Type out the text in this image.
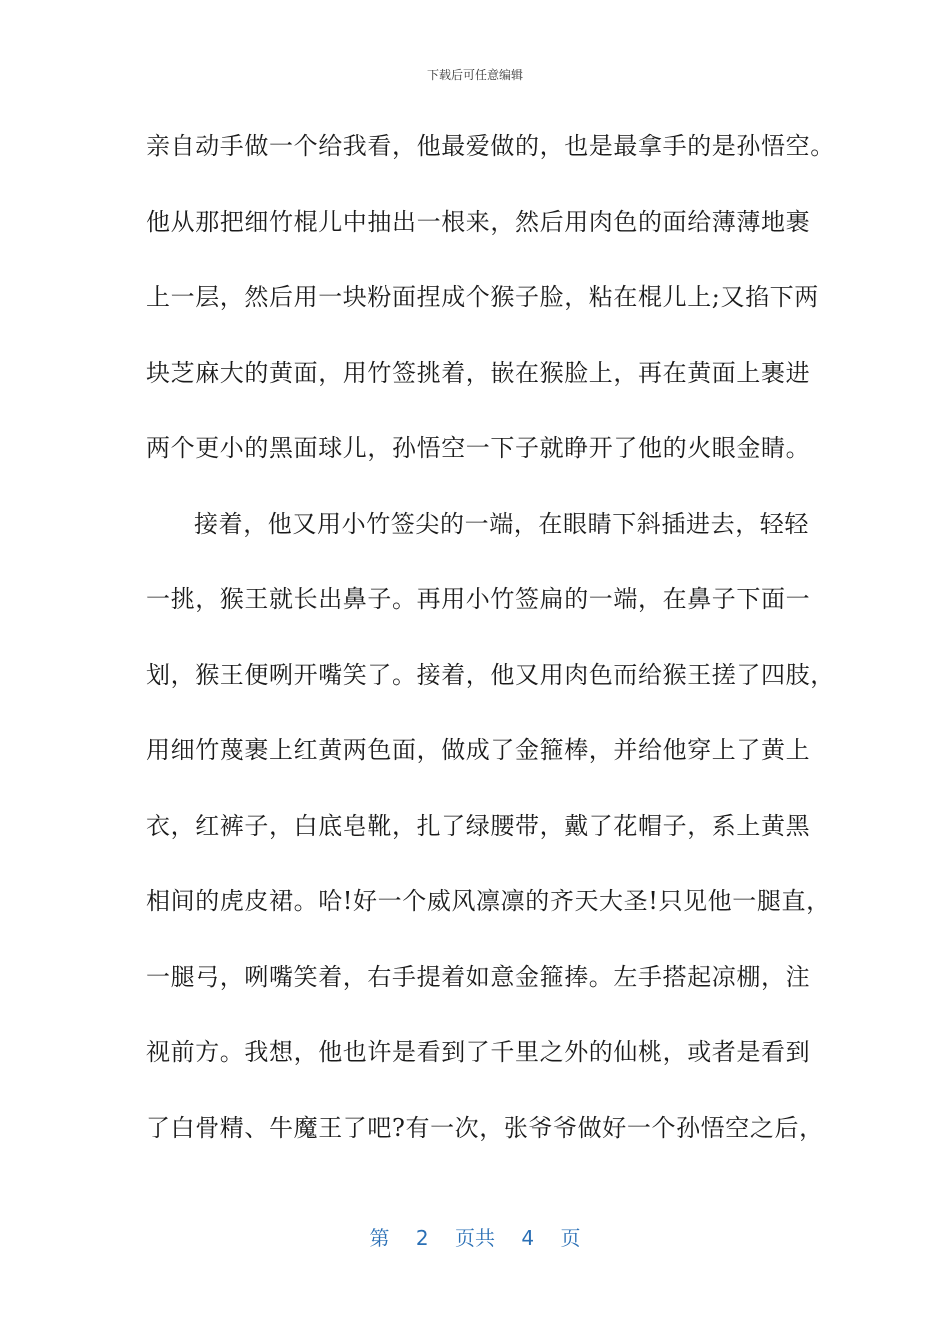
下载后可任意编辑
亲自动手做一个给我看，他最爱做的，也是最拿手的是孙悟空。
他从那把细竹棍儿中抽出一根来，然后用肉色的面给薄薄地裹
上一层，然后用一块粉面捏成个猴子脸，粘在棍儿上;又掐下两
块芝麻大的黄面，用竹签挑着，嵌在猴脸上，再在黄面上裹进
两个更小的黑面球儿，孙悟空一下子就睁开了他的火眼金睛。
接着，他又用小竹签尖的一端，在眼睛下斜插进去，轻轻
一挑，猴王就长出鼻子。再用小竹签扁的一端，在鼻子下面一
划，猴王便咧开嘴笑了。接着，他又用肉色而给猴王搓了四肢，
用细竹蔑裹上红黄两色面，做成了金箍棒，并给他穿上了黄上
衣，红裤子，白底皂靴，扎了绿腰带，戴了花帽子，系上黄黑
相间的虎皮裙。哈!好一个威风凛凛的齐天大圣!只见他一腿直，
一腿弓，咧嘴笑着，右手提着如意金箍捧。左手搭起凉棚，注
视前方。我想，他也许是看到了千里之外的仙桃，或者是看到
了白骨精、牛魔王了吧?有一次，张爷爷做好一个孙悟空之后，
第 2 页共 4 页
